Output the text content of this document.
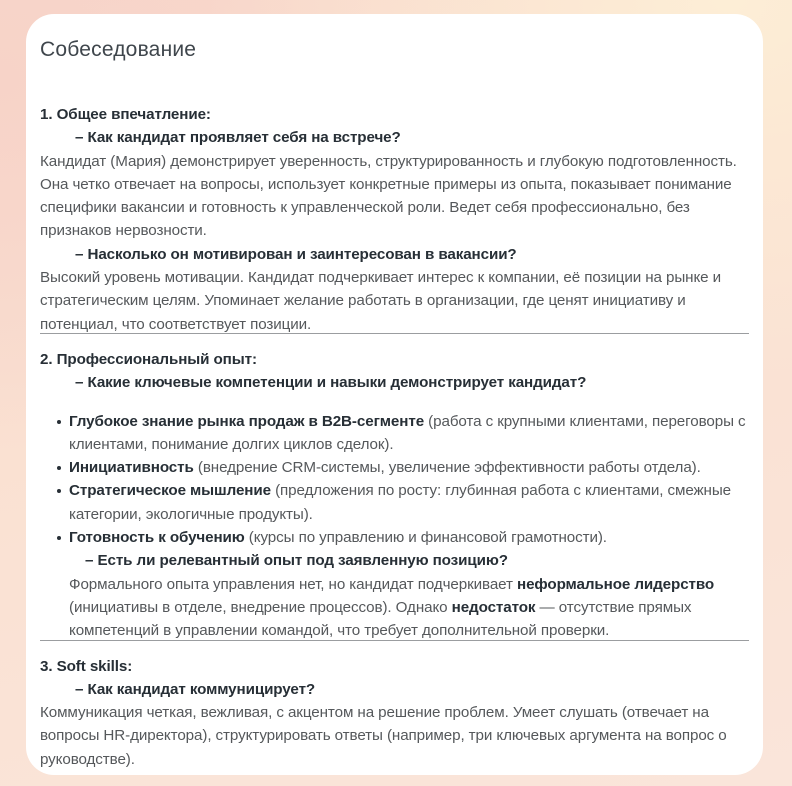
Собеседование
1. Общее впечатление:
– Как кандидат проявляет себя на встрече?
Кандидат (Мария) демонстрирует уверенность, структурированность и глубокую подготовленность. Она четко отвечает на вопросы, использует конкретные примеры из опыта, показывает понимание специфики вакансии и готовность к управленческой роли. Ведет себя профессионально, без признаков нервозности.
– Насколько он мотивирован и заинтересован в вакансии?
Высокий уровень мотивации. Кандидат подчеркивает интерес к компании, её позиции на рынке и стратегическим целям. Упоминает желание работать в организации, где ценят инициативу и потенциал, что соответствует позиции.
2. Профессиональный опыт:
– Какие ключевые компетенции и навыки демонстрирует кандидат?
Глубокое знание рынка продаж в B2B-сегменте (работа с крупными клиентами, переговоры с клиентами, понимание долгих циклов сделок).
Инициативность (внедрение CRM-системы, увеличение эффективности работы отдела).
Стратегическое мышление (предложения по росту: глубинная работа с клиентами, смежные категории, экологичные продукты).
Готовность к обучению (курсы по управлению и финансовой грамотности).
– Есть ли релевантный опыт под заявленную позицию?
Формального опыта управления нет, но кандидат подчеркивает неформальное лидерство (инициативы в отделе, внедрение процессов). Однако недостаток — отсутствие прямых компетенций в управлении командой, что требует дополнительной проверки.
3. Soft skills:
– Как кандидат коммуницирует?
Коммуникация четкая, вежливая, с акцентом на решение проблем. Умеет слушать (отвечает на вопросы HR-директора), структурировать ответы (например, три ключевых аргумента на вопрос о руководстве).
